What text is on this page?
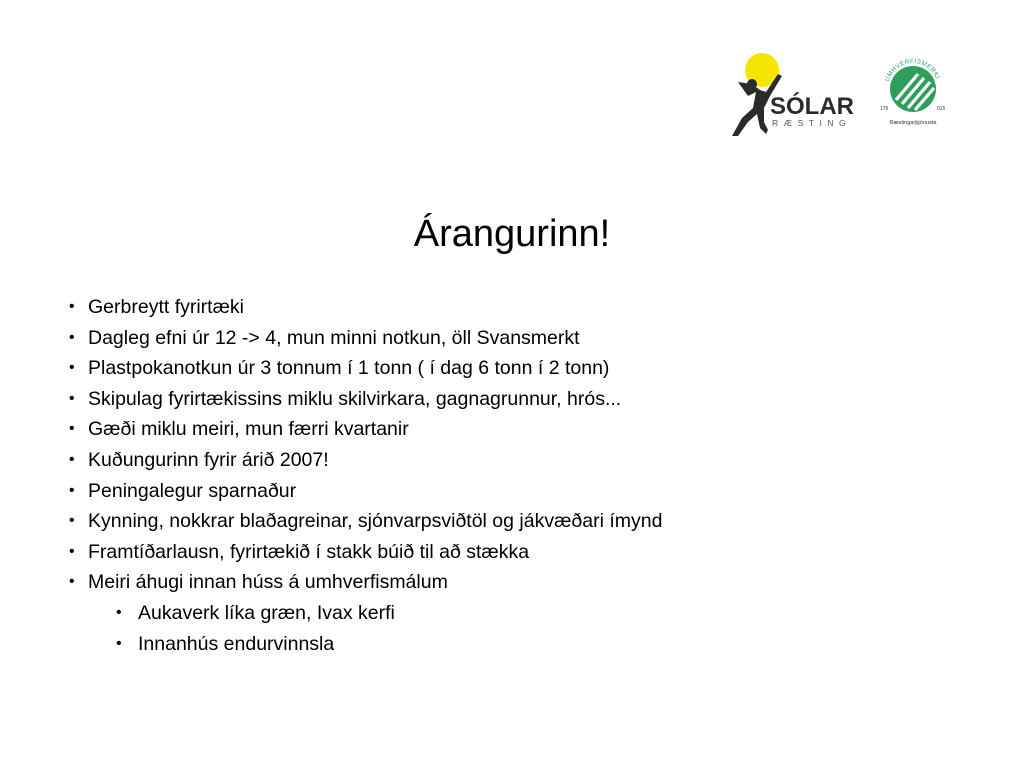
SÓLAR
RÆSTING
UMHVERFISMERKI
176	015
Ræstingarþjónusta
Árangurinn!
• Gerbreytt fyrirtæki
• Dagleg efni úr 12 -> 4, mun minni notkun, öll Svansmerkt
• Plastpokanotkun úr 3 tonnum í 1 tonn ( í dag 6 tonn í 2 tonn)
• Skipulag fyrirtækissins miklu skilvirkara, gagnagrunnur, hrós...
• Gæði miklu meiri, mun færri kvartanir
• Kuðungurinn fyrir árið 2007!
• Peningalegur sparnaður
• Kynning, nokkrar blaðagreinar, sjónvarpsviðtöl og jákvæðari ímynd
• Framtíðarlausn, fyrirtækið í stakk búið til að stækka
• Meiri áhugi innan húss á umhverfismálum
• Aukaverk líka græn, Ivax kerfi
• Innanhús endurvinnsla
